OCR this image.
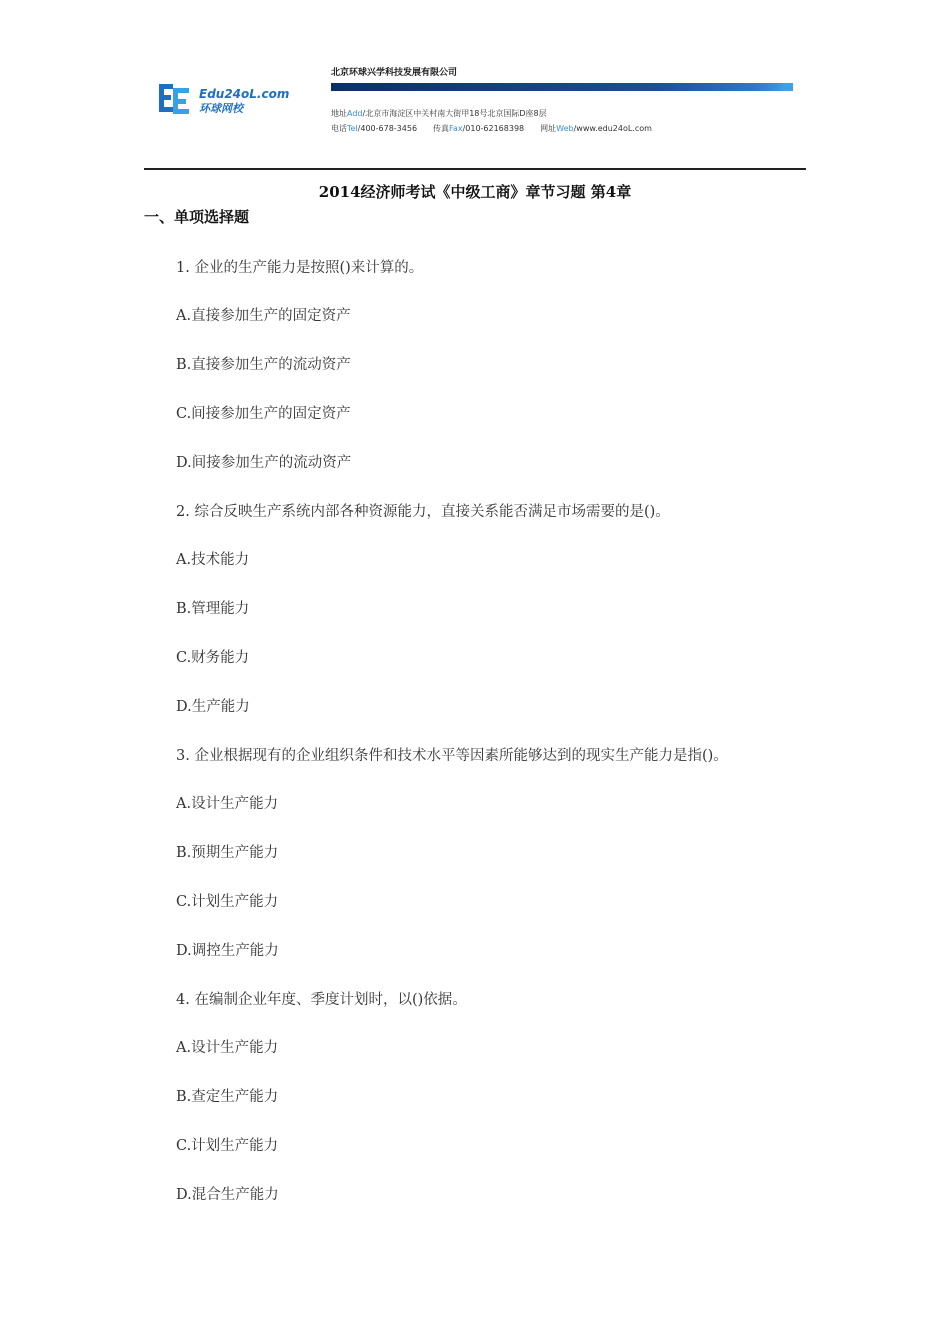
Edu24oL.com
环球网校
北京环球兴学科技发展有限公司
地址Add/北京市海淀区中关村南大街甲18号北京国际D座8层
电话Tel/400-678-3456 传真Fax/010-62168398 网址Web/www.edu24oL.com
2014经济师考试《中级工商》章节习题 第4章
一、单项选择题
1. 企业的生产能力是按照()来计算的。
A.直接参加生产的固定资产
B.直接参加生产的流动资产
C.间接参加生产的固定资产
D.间接参加生产的流动资产
2. 综合反映生产系统内部各种资源能力，直接关系能否满足市场需要的是()。
A.技术能力
B.管理能力
C.财务能力
D.生产能力
3. 企业根据现有的企业组织条件和技术水平等因素所能够达到的现实生产能力是指()。
A.设计生产能力
B.预期生产能力
C.计划生产能力
D.调控生产能力
4. 在编制企业年度、季度计划时，以()依据。
A.设计生产能力
B.查定生产能力
C.计划生产能力
D.混合生产能力
